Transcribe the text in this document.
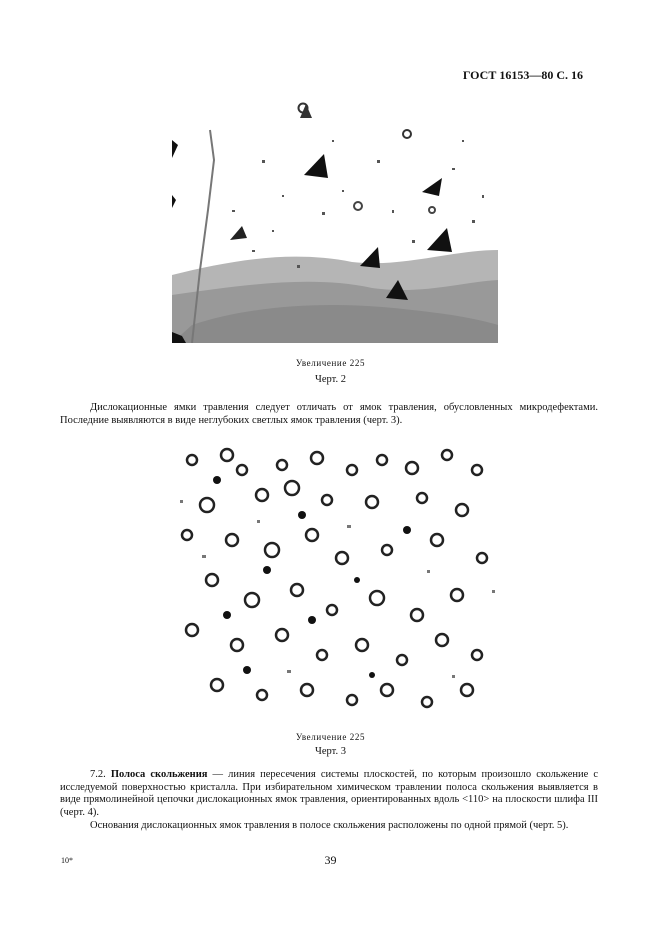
ГОСТ 16153—80 С. 16
Увеличение 225
Черт. 2

Дислокационные ямки травления следует отличать от ямок травления, обусловленных микродефектами. Последние выявляются в виде неглубоких светлых ямок травления (черт. 3).

Увеличение 225
Черт. 3

7.2. Полоса скольжения — линия пересечения системы плоскостей, по которым произошло скольжение с исследуемой поверхностью кристалла. При избирательном химическом травлении полоса скольжения выявляется в виде прямолинейной цепочки дислокационных ямок травления, ориентированных вдоль <110> на плоскости шлифа III (черт. 4).

Основания дислокационных ямок травления в полосе скольжения расположены по одной прямой (черт. 5).

10*	39
